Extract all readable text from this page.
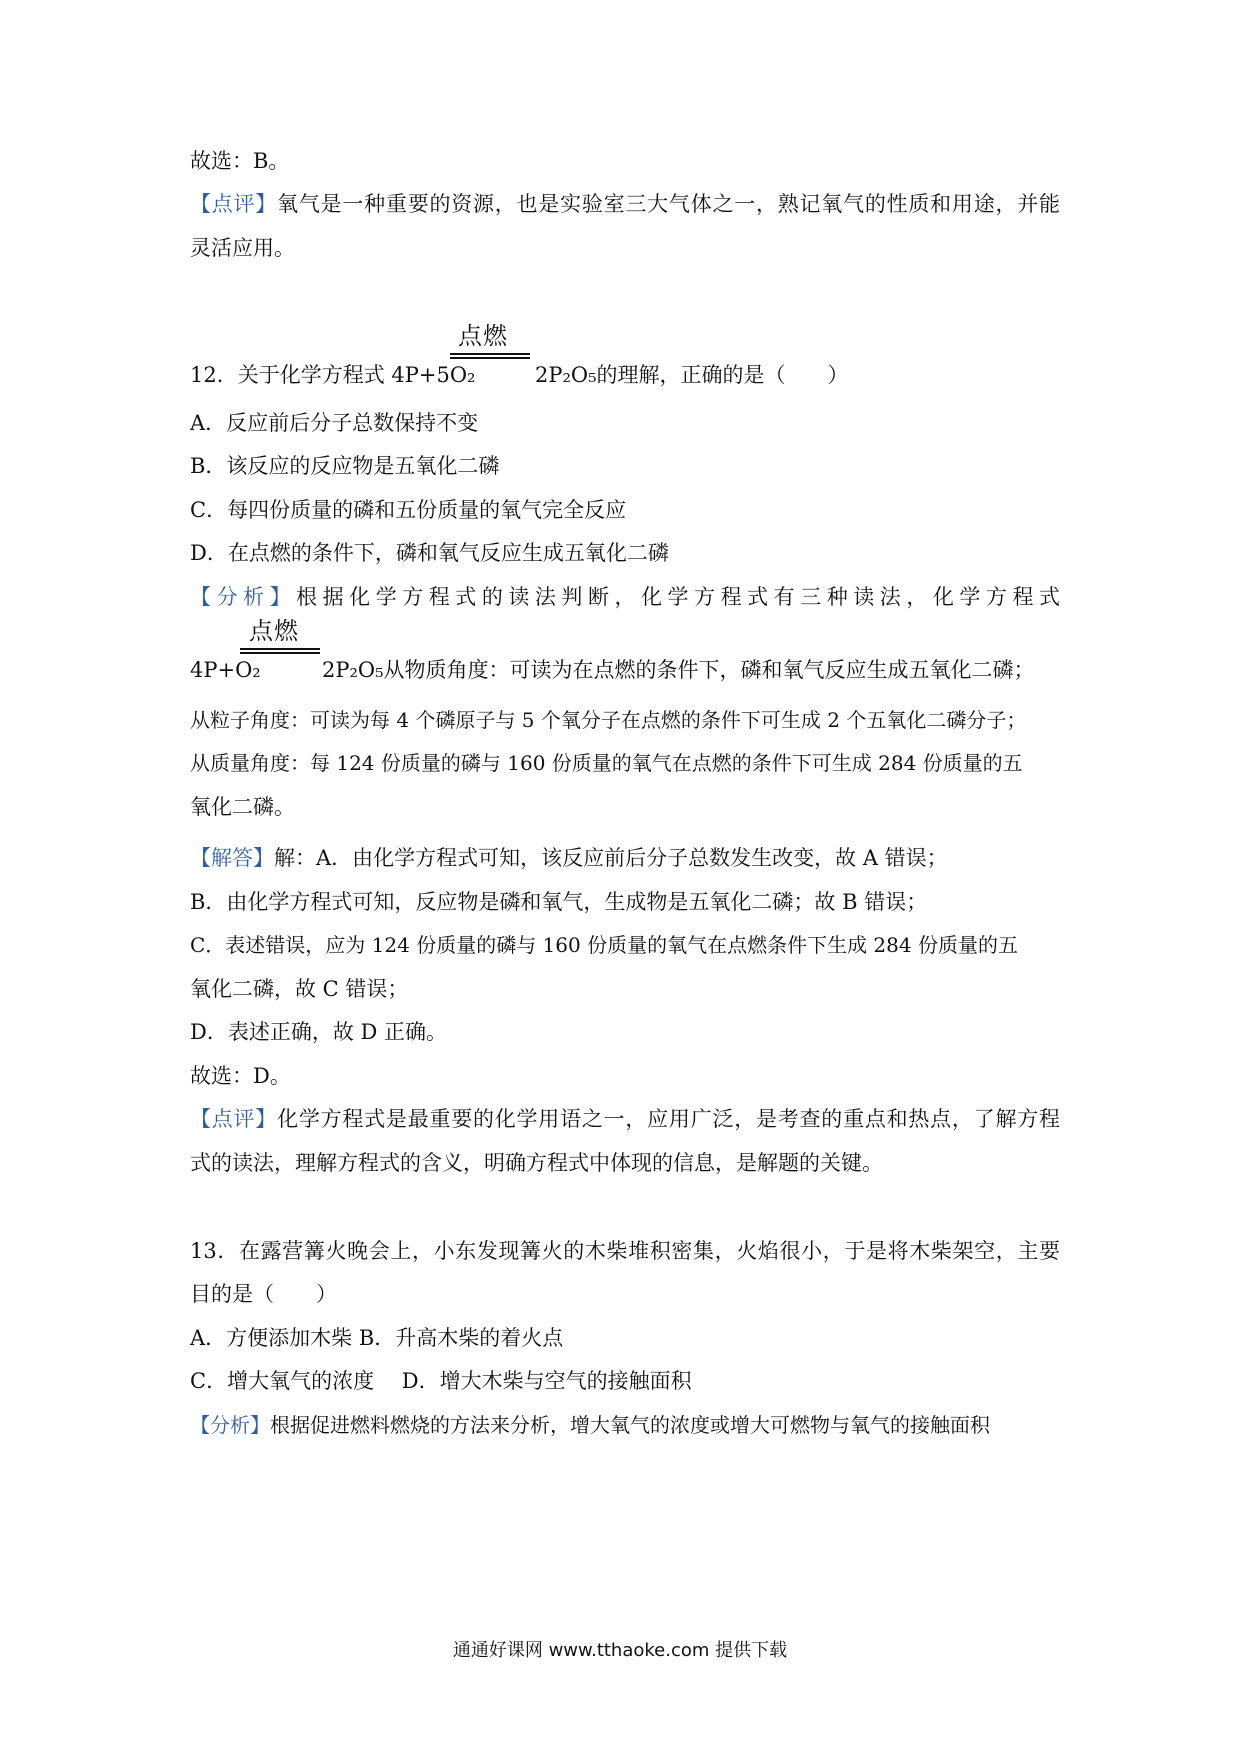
故选：B。
【点评】氧气是一种重要的资源，也是实验室三大气体之一，熟记氧气的性质和用途，并能
灵活应用。
点燃
12．关于化学方程式 4P+5O₂	2P₂O₅的理解，正确的是（　　）
A．反应前后分子总数保持不变
B．该反应的反应物是五氧化二磷
C．每四份质量的磷和五份质量的氧气完全反应
D．在点燃的条件下，磷和氧气反应生成五氧化二磷
【分析】根据化学方程式的读法判断，化学方程式有三种读法，化学方程式
点燃
4P+O₂	2P₂O₅从物质角度：可读为在点燃的条件下，磷和氧气反应生成五氧化二磷；
从粒子角度：可读为每 4 个磷原子与 5 个氧分子在点燃的条件下可生成 2 个五氧化二磷分子；
从质量角度：每 124 份质量的磷与 160 份质量的氧气在点燃的条件下可生成 284 份质量的五
氧化二磷。
【解答】解：A．由化学方程式可知，该反应前后分子总数发生改变，故 A 错误；
B．由化学方程式可知，反应物是磷和氧气，生成物是五氧化二磷；故 B 错误；
C．表述错误，应为 124 份质量的磷与 160 份质量的氧气在点燃条件下生成 284 份质量的五
氧化二磷，故 C 错误；
D．表述正确，故 D 正确。
故选：D。
【点评】化学方程式是最重要的化学用语之一，应用广泛，是考查的重点和热点，了解方程
式的读法，理解方程式的含义，明确方程式中体现的信息，是解题的关键。
13．在露营篝火晚会上，小东发现篝火的木柴堆积密集，火焰很小，于是将木柴架空，主要
目的是（　　）
A．方便添加木柴 B．升高木柴的着火点
C．增大氧气的浓度　 D．增大木柴与空气的接触面积
【分析】根据促进燃料燃烧的方法来分析，增大氧气的浓度或增大可燃物与氧气的接触面积
通通好课网 www.tthaoke.com 提供下载
